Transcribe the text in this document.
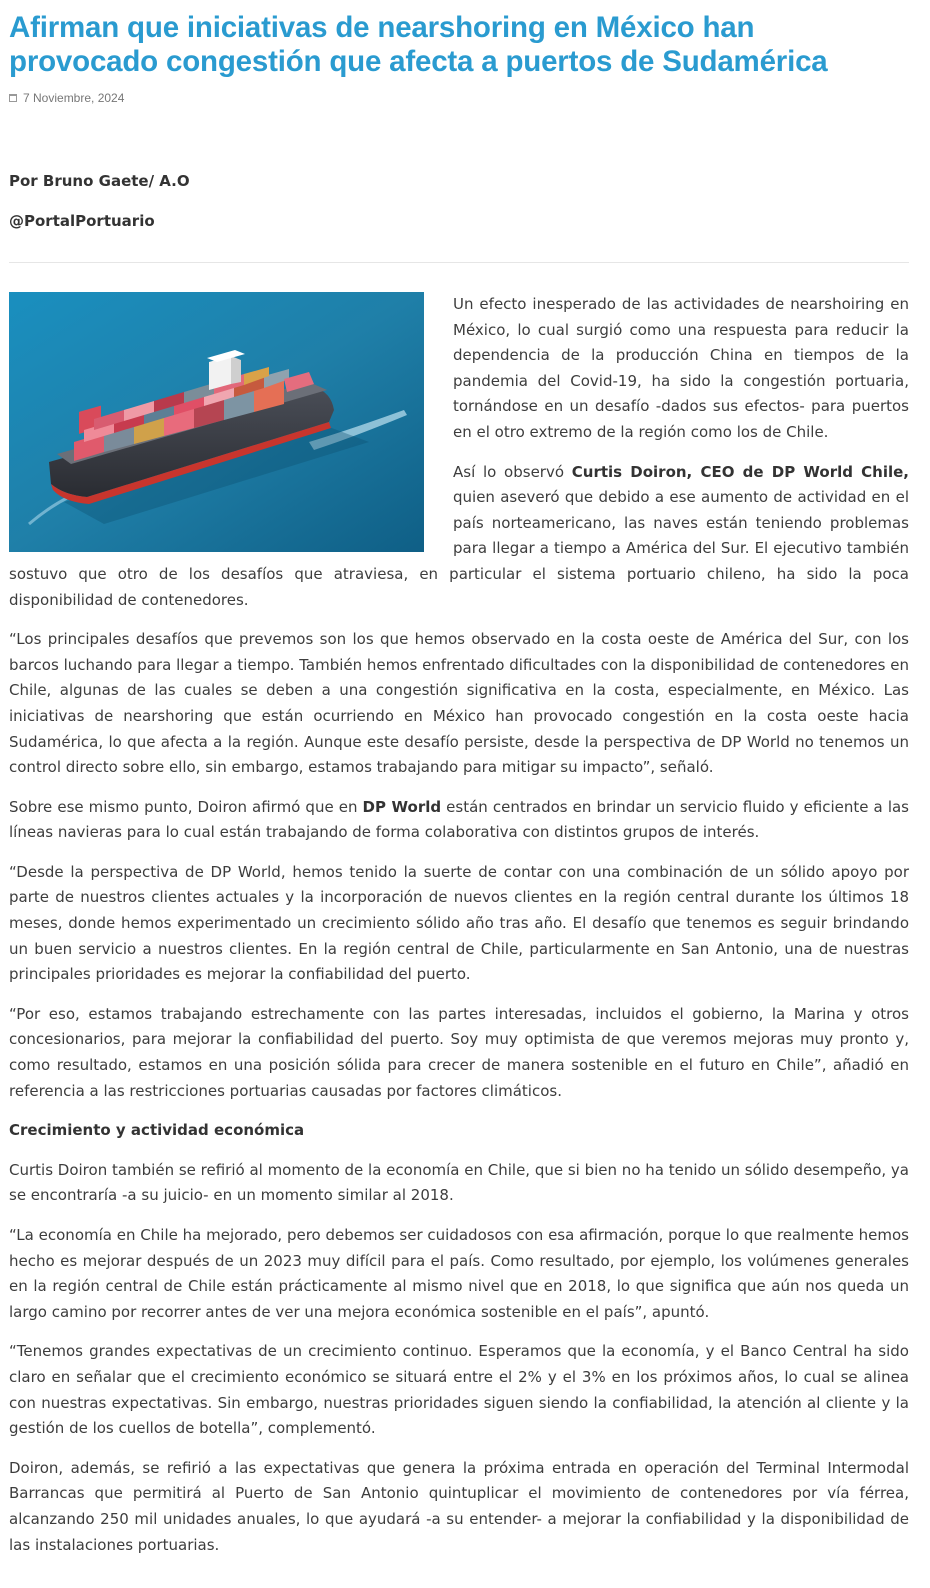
Afirman que iniciativas de nearshoring en México han provocado congestión que afecta a puertos de Sudamérica
7 Noviembre, 2024
Por Bruno Gaete/ A.O
@PortalPortuario

Un efecto inesperado de las actividades de nearshoiring en México, lo cual surgió como una respuesta para reducir la dependencia de la producción China en tiempos de la pandemia del Covid-19, ha sido la congestión portuaria, tornándose en un desafío -dados sus efectos- para puertos en el otro extremo de la región como los de Chile.

Así lo observó Curtis Doiron, CEO de DP World Chile, quien aseveró que debido a ese aumento de actividad en el país norteamericano, las naves están teniendo problemas para llegar a tiempo a América del Sur. El ejecutivo también sostuvo que otro de los desafíos que atraviesa, en particular el sistema portuario chileno, ha sido la poca disponibilidad de contenedores.

“Los principales desafíos que prevemos son los que hemos observado en la costa oeste de América del Sur, con los barcos luchando para llegar a tiempo. También hemos enfrentado dificultades con la disponibilidad de contenedores en Chile, algunas de las cuales se deben a una congestión significativa en la costa, especialmente, en México. Las iniciativas de nearshoring que están ocurriendo en México han provocado congestión en la costa oeste hacia Sudamérica, lo que afecta a la región. Aunque este desafío persiste, desde la perspectiva de DP World no tenemos un control directo sobre ello, sin embargo, estamos trabajando para mitigar su impacto”, señaló.

Sobre ese mismo punto, Doiron afirmó que en DP World están centrados en brindar un servicio fluido y eficiente a las líneas navieras para lo cual están trabajando de forma colaborativa con distintos grupos de interés.

“Desde la perspectiva de DP World, hemos tenido la suerte de contar con una combinación de un sólido apoyo por parte de nuestros clientes actuales y la incorporación de nuevos clientes en la región central durante los últimos 18 meses, donde hemos experimentado un crecimiento sólido año tras año. El desafío que tenemos es seguir brindando un buen servicio a nuestros clientes. En la región central de Chile, particularmente en San Antonio, una de nuestras principales prioridades es mejorar la confiabilidad del puerto.

“Por eso, estamos trabajando estrechamente con las partes interesadas, incluidos el gobierno, la Marina y otros concesionarios, para mejorar la confiabilidad del puerto. Soy muy optimista de que veremos mejoras muy pronto y, como resultado, estamos en una posición sólida para crecer de manera sostenible en el futuro en Chile”, añadió en referencia a las restricciones portuarias causadas por factores climáticos.

Crecimiento y actividad económica

Curtis Doiron también se refirió al momento de la economía en Chile, que si bien no ha tenido un sólido desempeño, ya se encontraría -a su juicio- en un momento similar al 2018.

“La economía en Chile ha mejorado, pero debemos ser cuidadosos con esa afirmación, porque lo que realmente hemos hecho es mejorar después de un 2023 muy difícil para el país. Como resultado, por ejemplo, los volúmenes generales en la región central de Chile están prácticamente al mismo nivel que en 2018, lo que significa que aún nos queda un largo camino por recorrer antes de ver una mejora económica sostenible en el país”, apuntó.

“Tenemos grandes expectativas de un crecimiento continuo. Esperamos que la economía, y el Banco Central ha sido claro en señalar que el crecimiento económico se situará entre el 2% y el 3% en los próximos años, lo cual se alinea con nuestras expectativas. Sin embargo, nuestras prioridades siguen siendo la confiabilidad, la atención al cliente y la gestión de los cuellos de botella”, complementó.

Doiron, además, se refirió a las expectativas que genera la próxima entrada en operación del Terminal Intermodal Barrancas que permitirá al Puerto de San Antonio quintuplicar el movimiento de contenedores por vía férrea, alcanzando 250 mil unidades anuales, lo que ayudará -a su entender- a mejorar la confiabilidad y la disponibilidad de las instalaciones portuarias.
